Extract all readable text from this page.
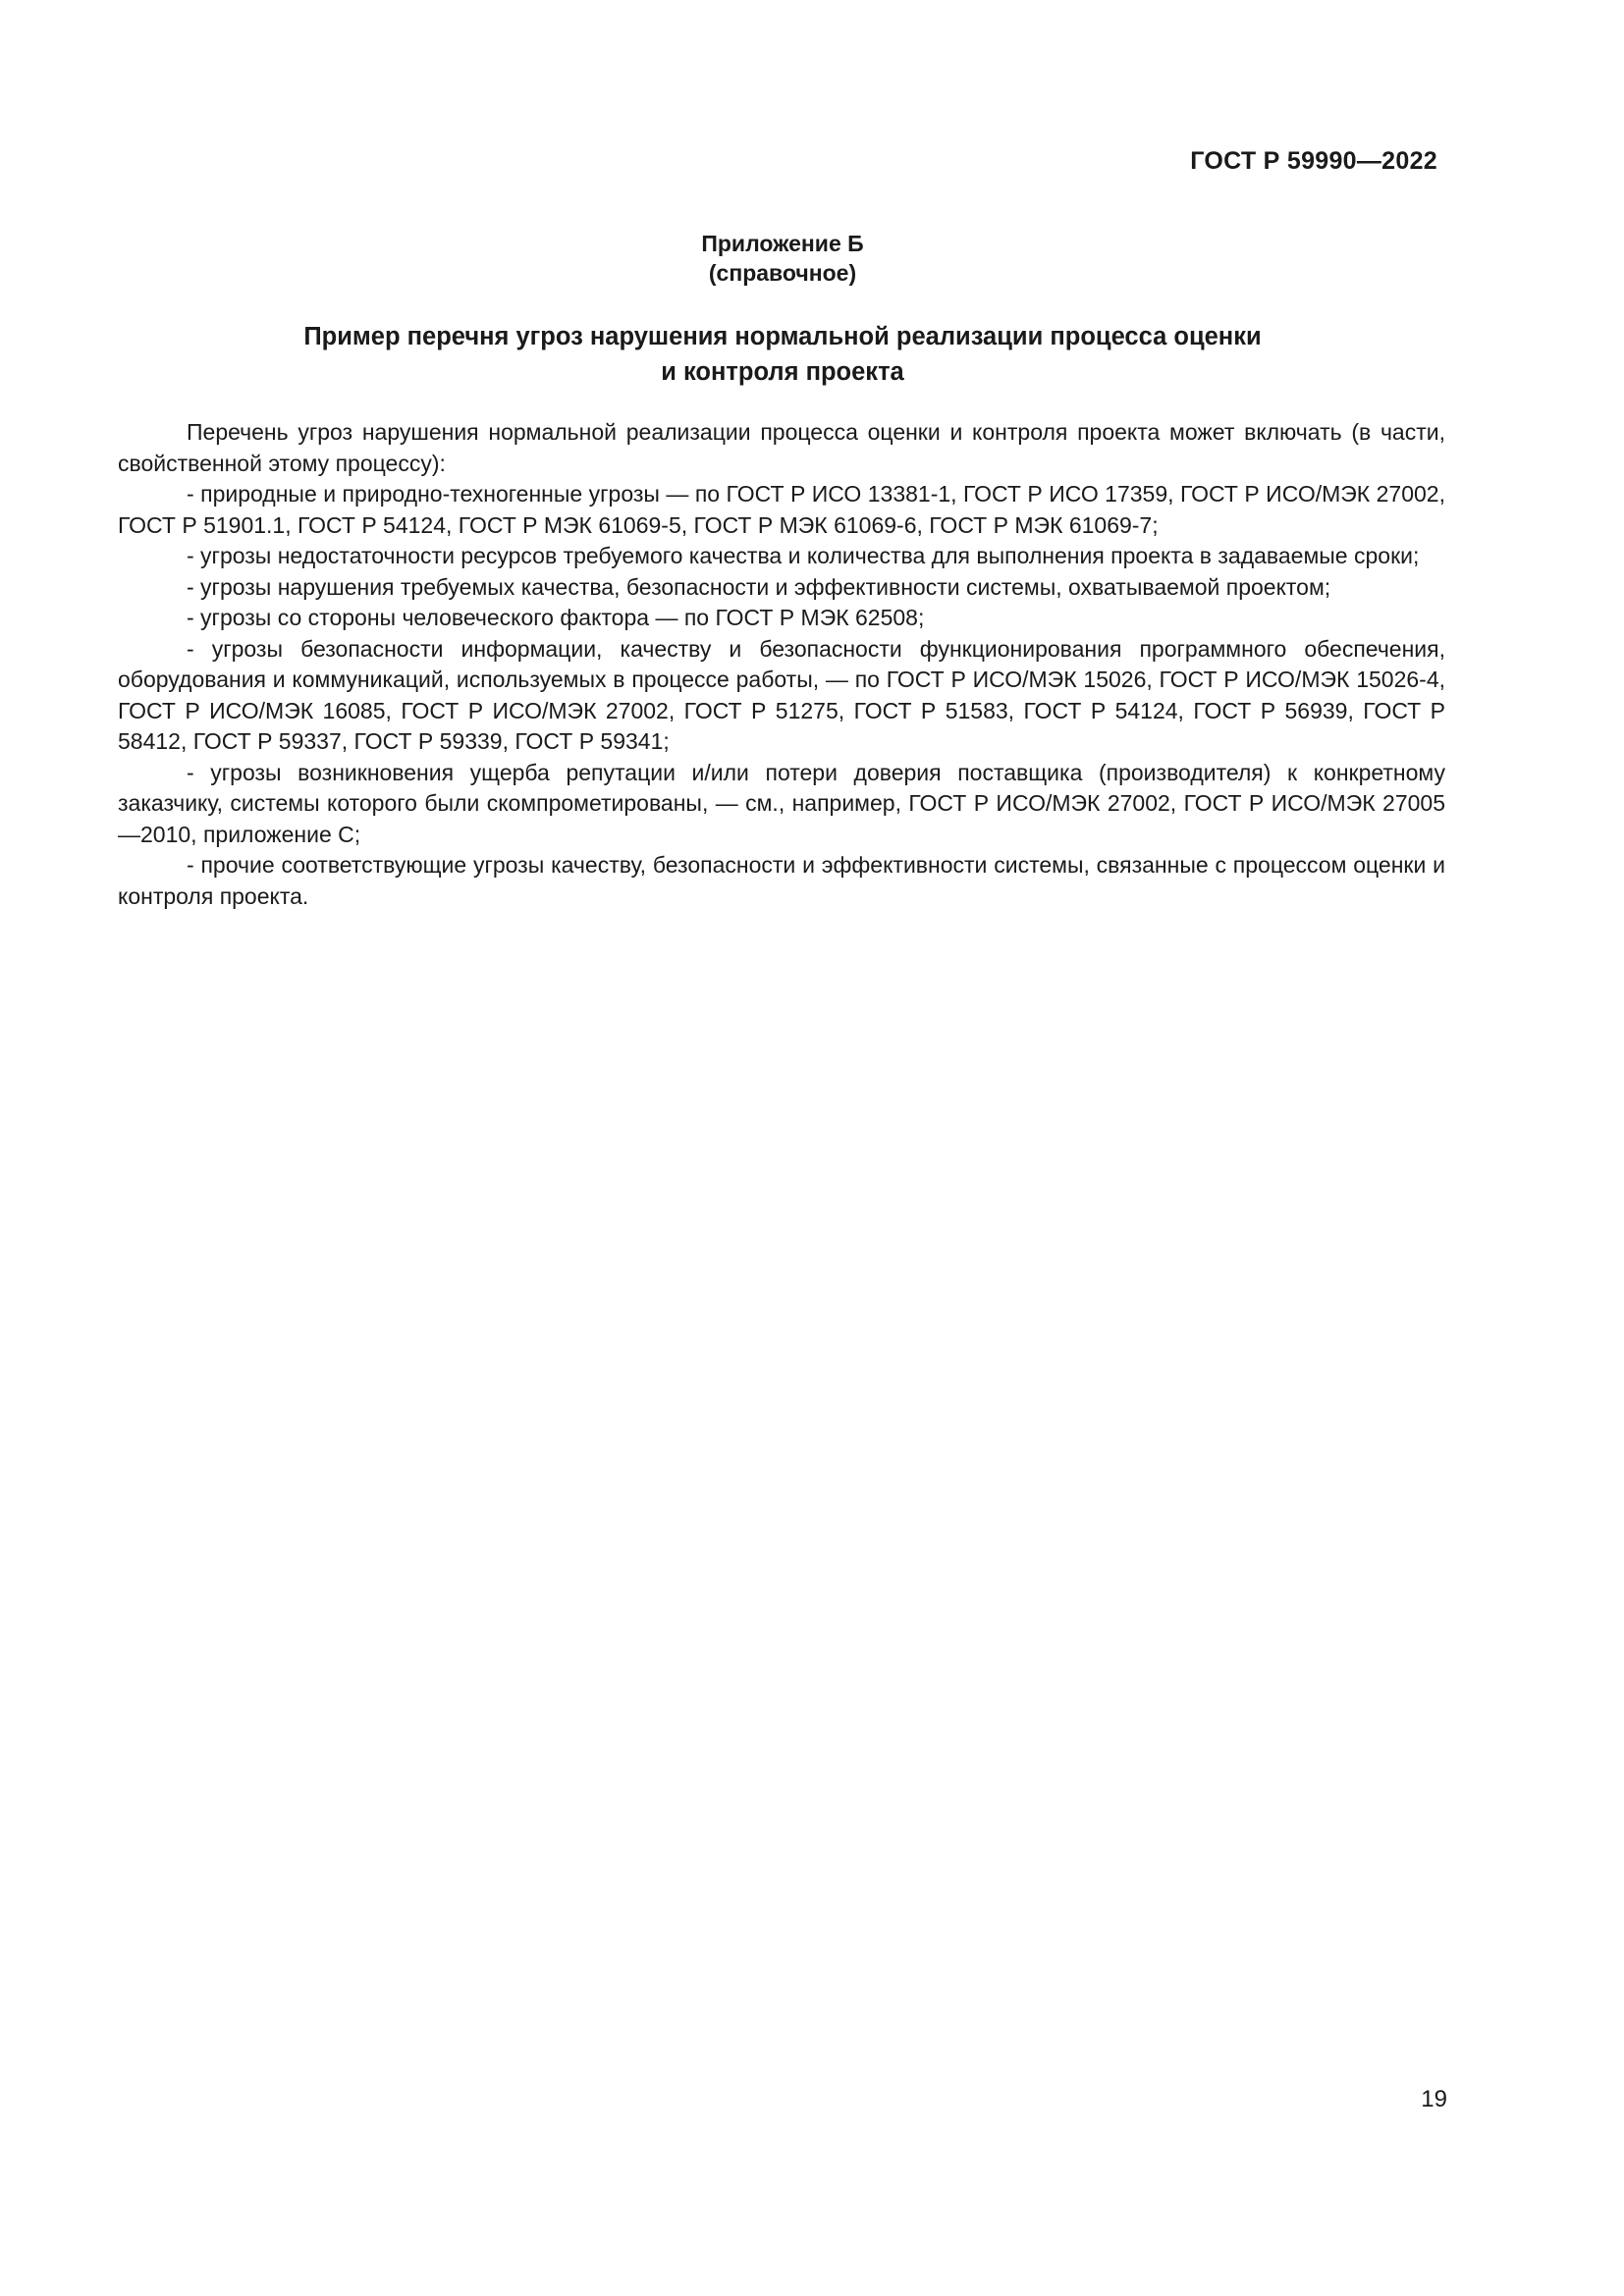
ГОСТ Р 59990—2022
Приложение Б
(справочное)
Пример перечня угроз нарушения нормальной реализации процесса оценки
и контроля проекта

Перечень угроз нарушения нормальной реализации процесса оценки и контроля проекта может включать (в части, свойственной этому процессу):

- природные и природно-техногенные угрозы — по ГОСТ Р ИСО 13381-1, ГОСТ Р ИСО 17359, ГОСТ Р ИСО/МЭК 27002, ГОСТ Р 51901.1, ГОСТ Р 54124, ГОСТ Р МЭК 61069-5, ГОСТ Р МЭК 61069-6, ГОСТ Р МЭК 61069-7;

- угрозы недостаточности ресурсов требуемого качества и количества для выполнения проекта в задаваемые сроки;

- угрозы нарушения требуемых качества, безопасности и эффективности системы, охватываемой проектом;

- угрозы со стороны человеческого фактора — по ГОСТ Р МЭК 62508;

- угрозы безопасности информации, качеству и безопасности функционирования программного обеспечения, оборудования и коммуникаций, используемых в процессе работы, — по ГОСТ Р ИСО/МЭК 15026, ГОСТ Р ИСО/МЭК 15026-4, ГОСТ Р ИСО/МЭК 16085, ГОСТ Р ИСО/МЭК 27002, ГОСТ Р 51275, ГОСТ Р 51583, ГОСТ Р 54124, ГОСТ Р 56939, ГОСТ Р 58412, ГОСТ Р 59337, ГОСТ Р 59339, ГОСТ Р 59341;

- угрозы возникновения ущерба репутации и/или потери доверия поставщика (производителя) к конкретному заказчику, системы которого были скомпрометированы, — см., например, ГОСТ Р ИСО/МЭК 27002, ГОСТ Р ИСО/МЭК 27005—2010, приложение С;

- прочие соответствующие угрозы качеству, безопасности и эффективности системы, связанные с процессом оценки и контроля проекта.

19
